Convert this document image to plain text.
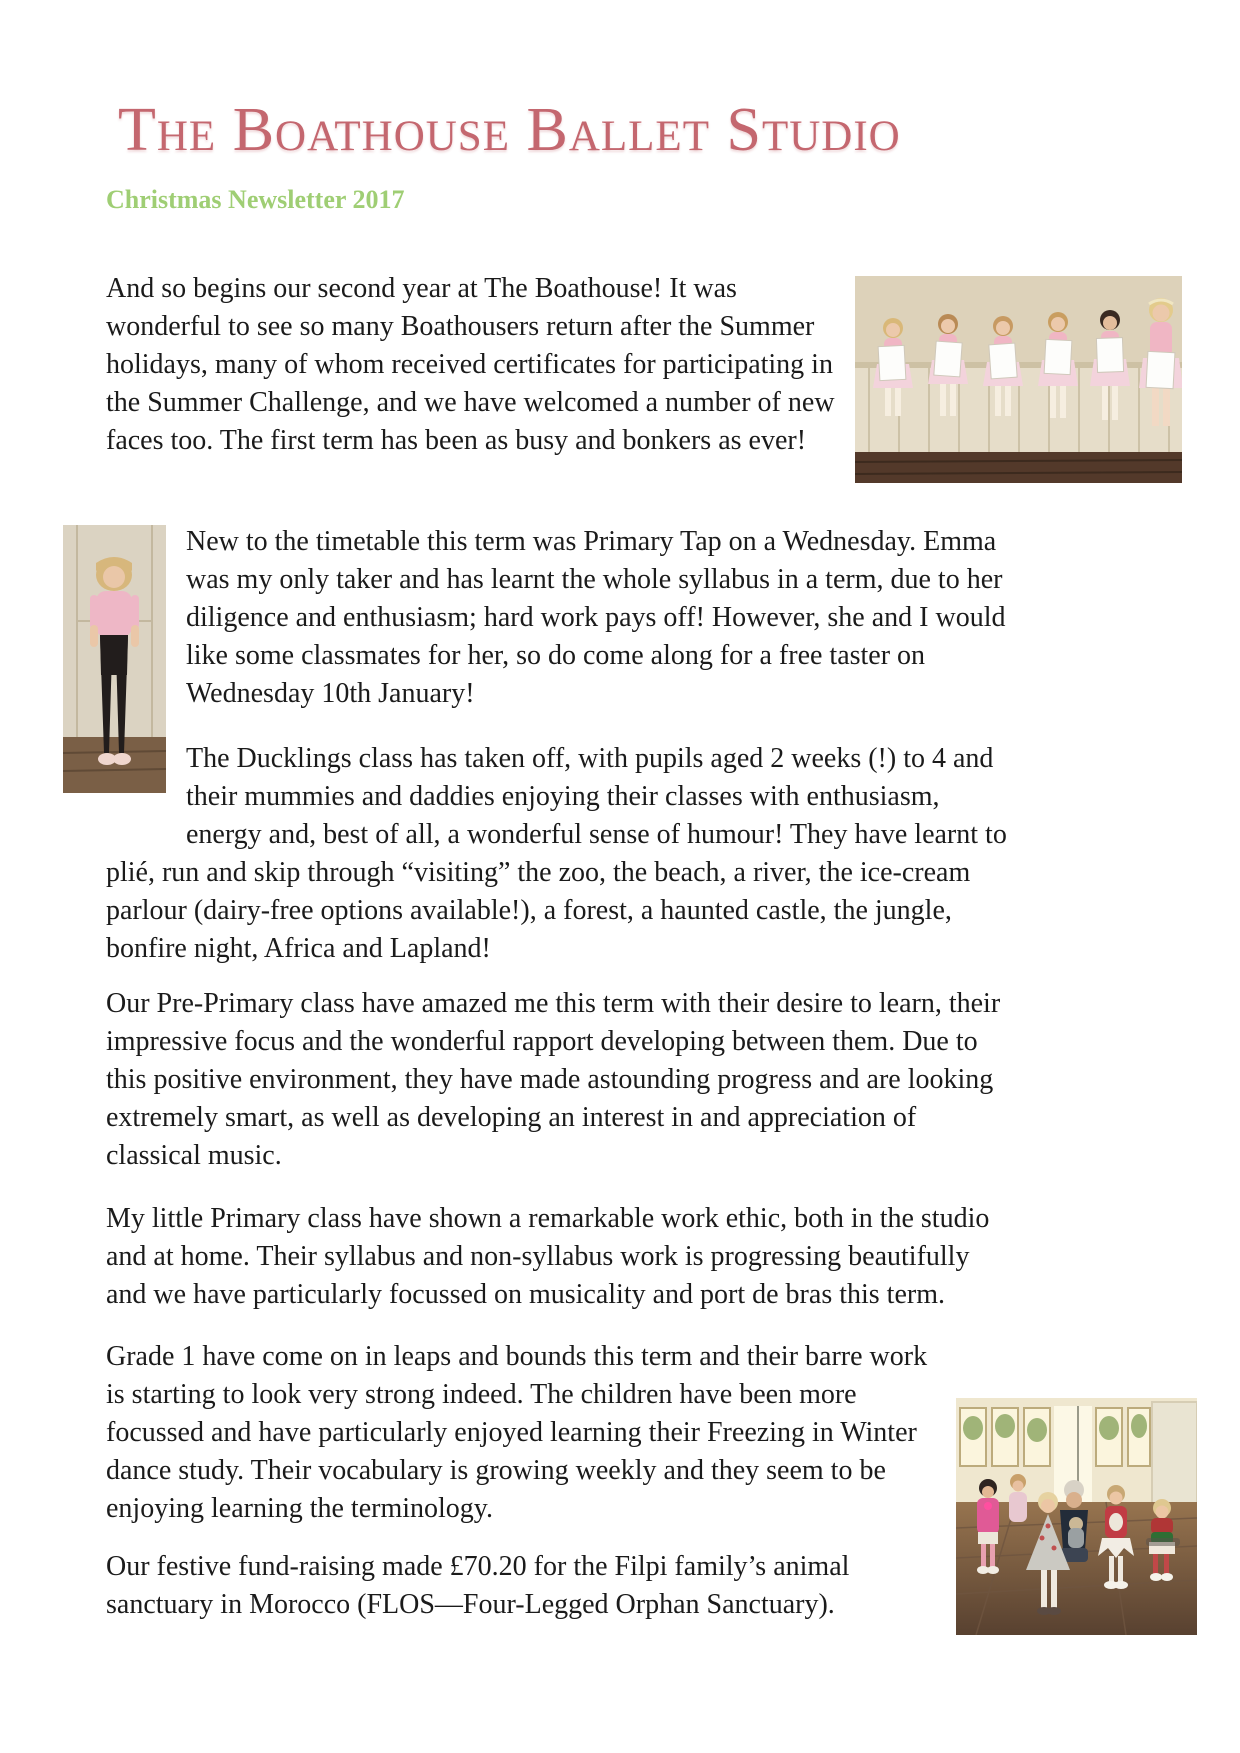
The Boathouse Ballet Studio
Christmas Newsletter 2017

And so begins our second year at The Boathouse! It was wonderful to see so many Boathousers return after the Summer holidays, many of whom received certificates for participating in the Summer Challenge, and we have welcomed a number of new faces too. The first term has been as busy and bonkers as ever!

New to the timetable this term was Primary Tap on a Wednesday. Emma was my only taker and has learnt the whole syllabus in a term, due to her diligence and enthusiasm; hard work pays off! However, she and I would like some classmates for her, so do come along for a free taster on Wednesday 10th January!

The Ducklings class has taken off, with pupils aged 2 weeks (!) to 4 and their mummies and daddies enjoying their classes with enthusiasm, energy and, best of all, a wonderful sense of humour! They have learnt to plié, run and skip through “visiting” the zoo, the beach, a river, the ice-cream parlour (dairy-free options available!), a forest, a haunted castle, the jungle, bonfire night, Africa and Lapland!

Our Pre-Primary class have amazed me this term with their desire to learn, their impressive focus and the wonderful rapport developing between them. Due to this positive environment, they have made astounding progress and are looking extremely smart, as well as developing an interest in and appreciation of classical music.

My little Primary class have shown a remarkable work ethic, both in the studio and at home. Their syllabus and non-syllabus work is progressing beautifully and we have particularly focussed on musicality and port de bras this term.

Grade 1 have come on in leaps and bounds this term and their barre work is starting to look very strong indeed. The children have been more focussed and have particularly enjoyed learning their Freezing in Winter dance study. Their vocabulary is growing weekly and they seem to be enjoying learning the terminology.

Our festive fund-raising made £70.20 for the Filpi family’s animal sanctuary in Morocco (FLOS—Four-Legged Orphan Sanctuary).
